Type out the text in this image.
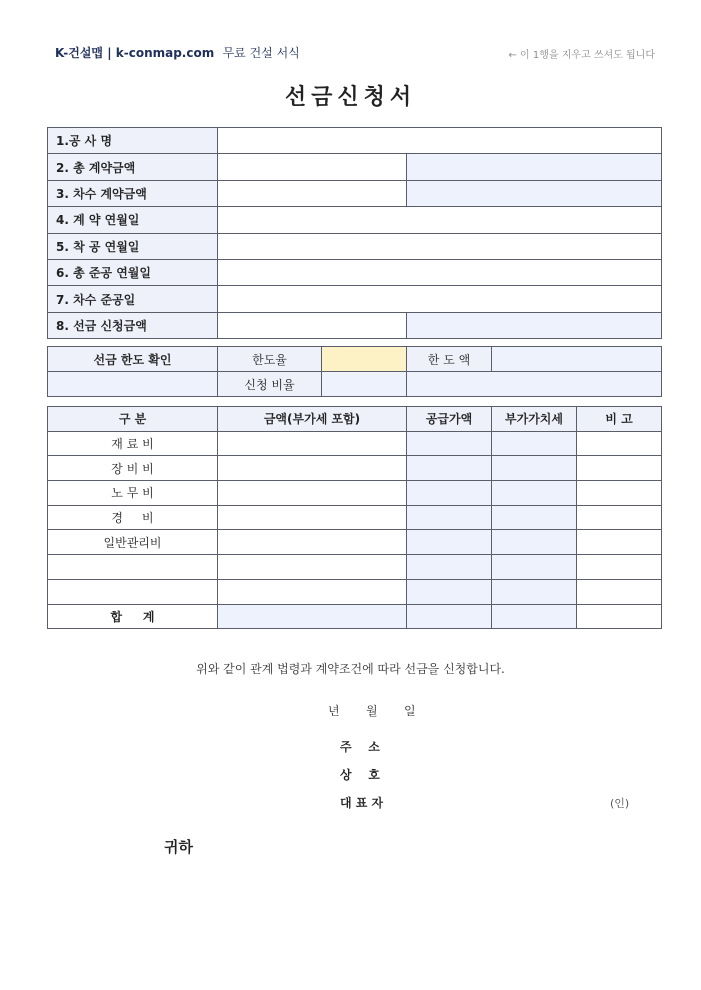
K-건설맵 | k-conmap.com 무료 건설 서식	← 이 1행을 지우고 쓰셔도 됩니다
선금신청서
1.공 사 명		
2. 총 계약금액		
3. 차수 계약금액		
4. 계 약 연월일		
5. 착 공 연월일		
6. 총 준공 연월일		
7. 차수 준공일		
8. 선금 신청금액		
선금 한도 확인	한도율		한 도 액	
	신청 비율			
구 분	금액(부가세 포함)	공급가액	부가가치세	비 고
재 료 비				
장 비 비				
노 무 비				
경     비				
일반관리비				

합     계				
위와 같이 관계 법령과 계약조건에 따라 선금을 신청합니다.
년 월 일
주    소
상    호
대 표 자	(인)
귀하
